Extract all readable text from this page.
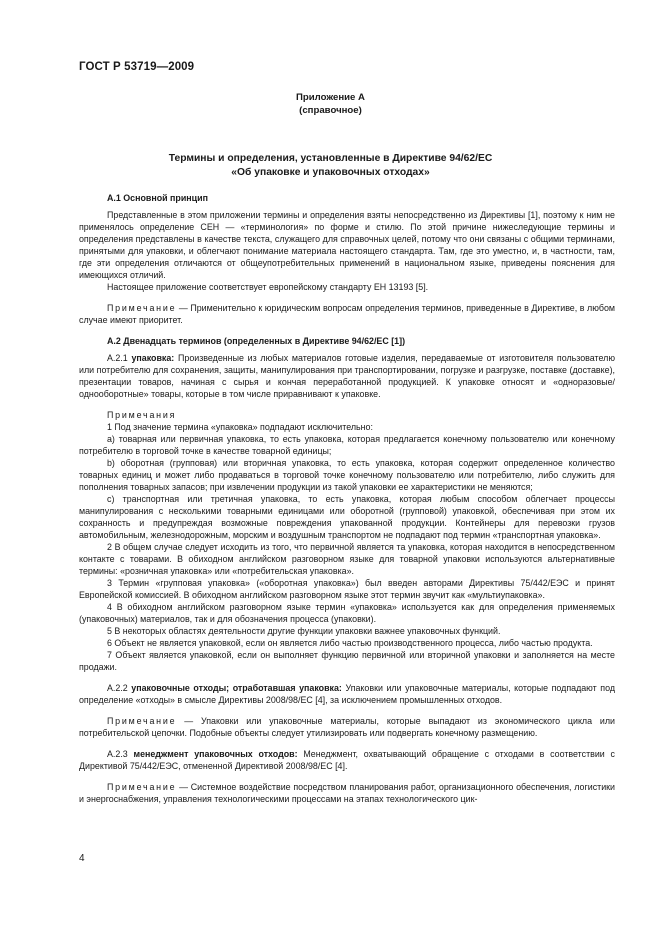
ГОСТ Р 53719—2009
Приложение А
(справочное)
Термины и определения, установленные в Директиве 94/62/ЕС
«Об упаковке и упаковочных отходах»

А.1 Основной принцип

Представленные в этом приложении термины и определения взяты непосредственно из Директивы [1], поэтому к ним не применялось определение СЕН — «терминология» по форме и стилю. По этой причине нижеследующие термины и определения представлены в качестве текста, служащего для справочных целей, потому что они связаны с общими терминами, принятыми для упаковки, и облегчают понимание материала настоящего стандарта. Там, где это уместно, и, в частности, там, где эти определения отличаются от общеупотребительных применений в национальном языке, приведены пояснения для имеющихся отличий.

Настоящее приложение соответствует европейскому стандарту ЕН 13193 [5].

Примечание — Применительно к юридическим вопросам определения терминов, приведенные в Директиве, в любом случае имеют приоритет.

А.2 Двенадцать терминов (определенных в Директиве 94/62/ЕС [1])

А.2.1 упаковка: Произведенные из любых материалов готовые изделия, передаваемые от изготовителя пользователю или потребителю для сохранения, защиты, манипулирования при транспортировании, погрузке и разгрузке, поставке (доставке), презентации товаров, начиная с сырья и кончая переработанной продукцией. К упаковке относят и «одноразовые/однооборотные» товары, которые в том числе приравнивают к упаковке.

Примечания

1 Под значение термина «упаковка» подпадают исключительно:

а) товарная или первичная упаковка, то есть упаковка, которая предлагается конечному пользователю или конечному потребителю в торговой точке в качестве товарной единицы;

b) оборотная (групповая) или вторичная упаковка, то есть упаковка, которая содержит определенное количество товарных единиц и может либо продаваться в торговой точке конечному пользователю или потребителю, либо служить для пополнения товарных запасов; при извлечении продукции из такой упаковки ее характеристики не меняются;

с) транспортная или третичная упаковка, то есть упаковка, которая любым способом облегчает процессы манипулирования с несколькими товарными единицами или оборотной (групповой) упаковкой, обеспечивая при этом их сохранность и предупреждая возможные повреждения упакованной продукции. Контейнеры для перевозки грузов автомобильным, железнодорожным, морским и воздушным транспортом не подпадают под термин «транспортная упаковка».

2 В общем случае следует исходить из того, что первичной является та упаковка, которая находится в непосредственном контакте с товарами. В обиходном английском разговорном языке для товарной упаковки используются альтернативные термины: «розничная упаковка» или «потребительская упаковка».

3 Термин «групповая упаковка» («оборотная упаковка») был введен авторами Директивы 75/442/ЕЭС и принят Европейской комиссией. В обиходном английском разговорном языке этот термин звучит как «мультиупаковка».

4 В обиходном английском разговорном языке термин «упаковка» используется как для определения применяемых (упаковочных) материалов, так и для обозначения процесса (упаковки).

5 В некоторых областях деятельности другие функции упаковки важнее упаковочных функций.

6 Объект не является упаковкой, если он является либо частью производственного процесса, либо частью продукта.

7 Объект является упаковкой, если он выполняет функцию первичной или вторичной упаковки и заполняется на месте продажи.

А.2.2 упаковочные отходы; отработавшая упаковка: Упаковки или упаковочные материалы, которые подпадают под определение «отходы» в смысле Директивы 2008/98/ЕС [4], за исключением промышленных отходов.

Примечание — Упаковки или упаковочные материалы, которые выпадают из экономического цикла или потребительской цепочки. Подобные объекты следует утилизировать или подвергать конечному размещению.

А.2.3 менеджмент упаковочных отходов: Менеджмент, охватывающий обращение с отходами в соответствии с Директивой 75/442/ЕЭС, отмененной Директивой 2008/98/ЕС [4].

Примечание — Системное воздействие посредством планирования работ, организационного обеспечения, логистики и энергоснабжения, управления технологическими процессами на этапах технологического цик-

4
